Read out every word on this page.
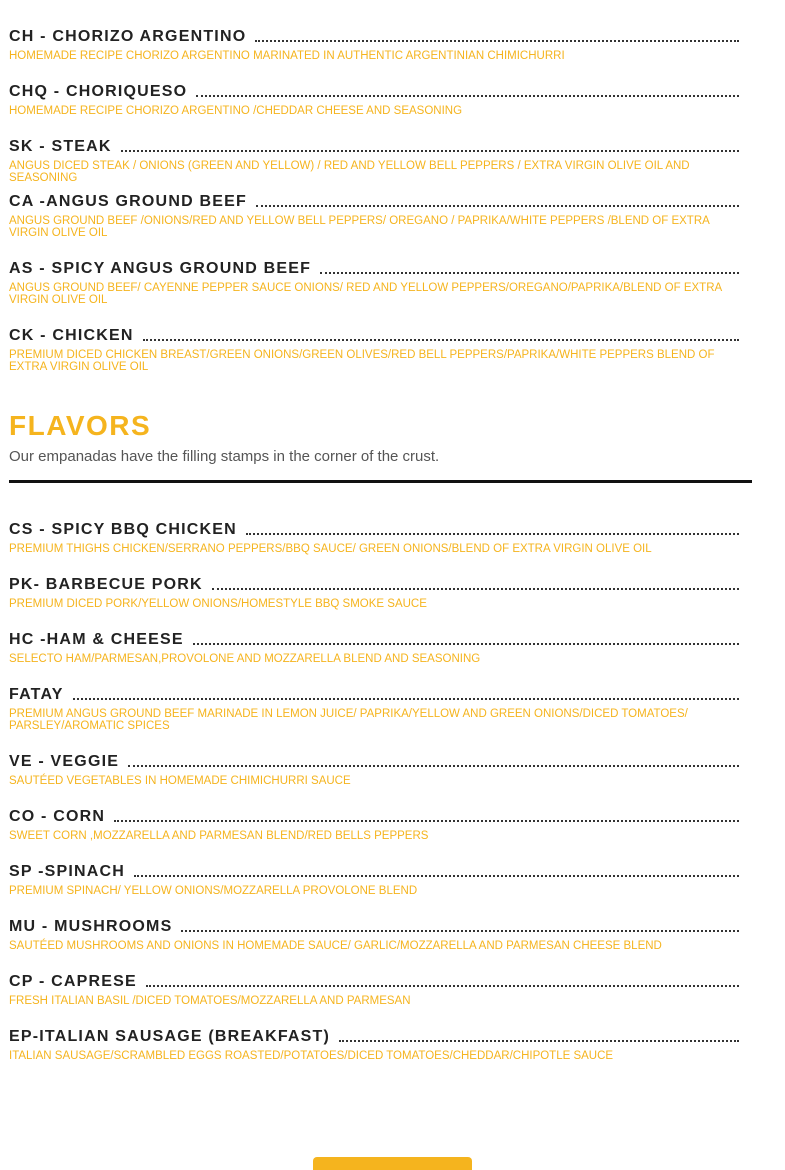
CH - CHORIZO ARGENTINO
HOMEMADE RECIPE CHORIZO ARGENTINO MARINATED IN AUTHENTIC ARGENTINIAN CHIMICHURRI
CHQ - CHORIQUESO
HOMEMADE RECIPE CHORIZO ARGENTINO /CHEDDAR CHEESE AND SEASONING
SK - STEAK
ANGUS DICED STEAK / ONIONS (GREEN AND YELLOW) / RED AND YELLOW BELL PEPPERS / EXTRA VIRGIN OLIVE OIL AND SEASONING
CA -ANGUS GROUND BEEF
ANGUS GROUND BEEF /ONIONS/RED AND YELLOW BELL PEPPERS/ OREGANO / PAPRIKA/WHITE PEPPERS /BLEND OF EXTRA VIRGIN OLIVE OIL
AS - SPICY ANGUS GROUND BEEF
ANGUS GROUND BEEF/ CAYENNE PEPPER SAUCE ONIONS/ RED AND YELLOW PEPPERS/OREGANO/PAPRIKA/BLEND OF EXTRA VIRGIN OLIVE OIL
CK - CHICKEN
PREMIUM DICED CHICKEN BREAST/GREEN ONIONS/GREEN OLIVES/RED BELL PEPPERS/PAPRIKA/WHITE PEPPERS BLEND OF EXTRA VIRGIN OLIVE OIL
FLAVORS

Our empanadas have the filling stamps in the corner of the crust.

CS - SPICY BBQ CHICKEN
PREMIUM THIGHS CHICKEN/SERRANO PEPPERS/BBQ SAUCE/ GREEN ONIONS/BLEND OF EXTRA VIRGIN OLIVE OIL
PK- BARBECUE PORK
PREMIUM DICED PORK/YELLOW ONIONS/HOMESTYLE BBQ SMOKE SAUCE
HC -HAM & CHEESE
SELECTO HAM/PARMESAN,PROVOLONE AND MOZZARELLA BLEND AND SEASONING
FATAY
PREMIUM ANGUS GROUND BEEF MARINADE IN LEMON JUICE/ PAPRIKA/YELLOW AND GREEN ONIONS/DICED TOMATOES/ PARSLEY/AROMATIC SPICES
VE - VEGGIE
SAUTÉED VEGETABLES IN HOMEMADE CHIMICHURRI SAUCE
CO - CORN
SWEET CORN ,MOZZARELLA AND PARMESAN BLEND/RED BELLS PEPPERS
SP -SPINACH
PREMIUM SPINACH/ YELLOW ONIONS/MOZZARELLA PROVOLONE BLEND
MU - MUSHROOMS
SAUTÉED MUSHROOMS AND ONIONS IN HOMEMADE SAUCE/ GARLIC/MOZZARELLA AND PARMESAN CHEESE BLEND
CP - CAPRESE
FRESH ITALIAN BASIL /DICED TOMATOES/MOZZARELLA AND PARMESAN
EP-ITALIAN SAUSAGE (BREAKFAST)
ITALIAN SAUSAGE/SCRAMBLED EGGS ROASTED/POTATOES/DICED TOMATOES/CHEDDAR/CHIPOTLE SAUCE
